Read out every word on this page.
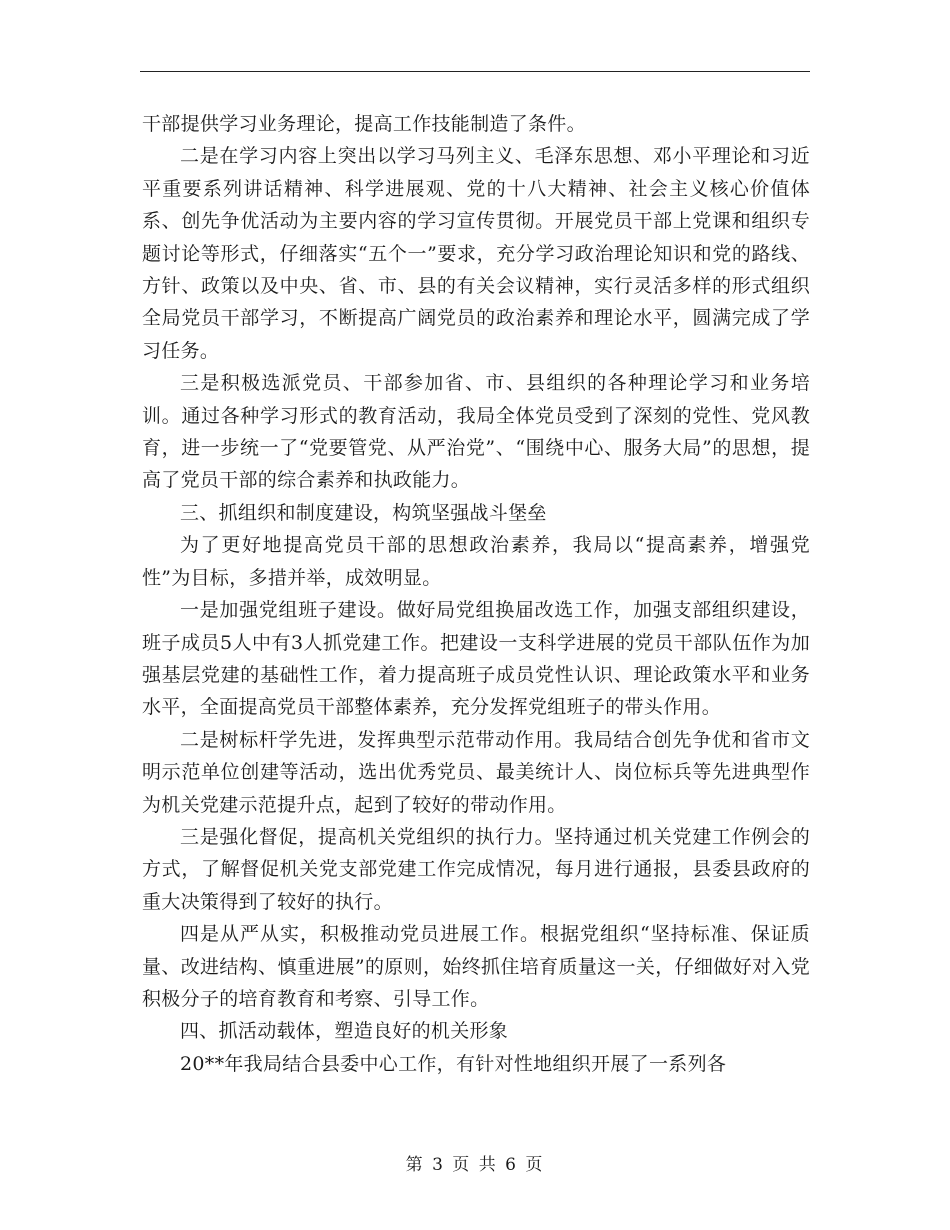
干部提供学习业务理论，提高工作技能制造了条件。

二是在学习内容上突出以学习马列主义、毛泽东思想、邓小平理论和习近平重要系列讲话精神、科学进展观、党的十八大精神、社会主义核心价值体系、创先争优活动为主要内容的学习宣传贯彻。开展党员干部上党课和组织专题讨论等形式，仔细落实“五个一”要求，充分学习政治理论知识和党的路线、方针、政策以及中央、省、市、县的有关会议精神，实行灵活多样的形式组织全局党员干部学习，不断提高广阔党员的政治素养和理论水平，圆满完成了学习任务。

三是积极选派党员、干部参加省、市、县组织的各种理论学习和业务培训。通过各种学习形式的教育活动，我局全体党员受到了深刻的党性、党风教育，进一步统一了“党要管党、从严治党”、“围绕中心、服务大局”的思想，提高了党员干部的综合素养和执政能力。

三、抓组织和制度建设，构筑坚强战斗堡垒

为了更好地提高党员干部的思想政治素养，我局以“提高素养，增强党性”为目标，多措并举，成效明显。

一是加强党组班子建设。做好局党组换届改选工作，加强支部组织建设，班子成员5人中有3人抓党建工作。把建设一支科学进展的党员干部队伍作为加强基层党建的基础性工作，着力提高班子成员党性认识、理论政策水平和业务水平，全面提高党员干部整体素养，充分发挥党组班子的带头作用。

二是树标杆学先进，发挥典型示范带动作用。我局结合创先争优和省市文明示范单位创建等活动，选出优秀党员、最美统计人、岗位标兵等先进典型作为机关党建示范提升点，起到了较好的带动作用。

三是强化督促，提高机关党组织的执行力。坚持通过机关党建工作例会的方式，了解督促机关党支部党建工作完成情况，每月进行通报，县委县政府的重大决策得到了较好的执行。

四是从严从实，积极推动党员进展工作。根据党组织“坚持标准、保证质量、改进结构、慎重进展”的原则，始终抓住培育质量这一关，仔细做好对入党积极分子的培育教育和考察、引导工作。

四、抓活动载体，塑造良好的机关形象

20**年我局结合县委中心工作，有针对性地组织开展了一系列各

第 3 页 共 6 页
